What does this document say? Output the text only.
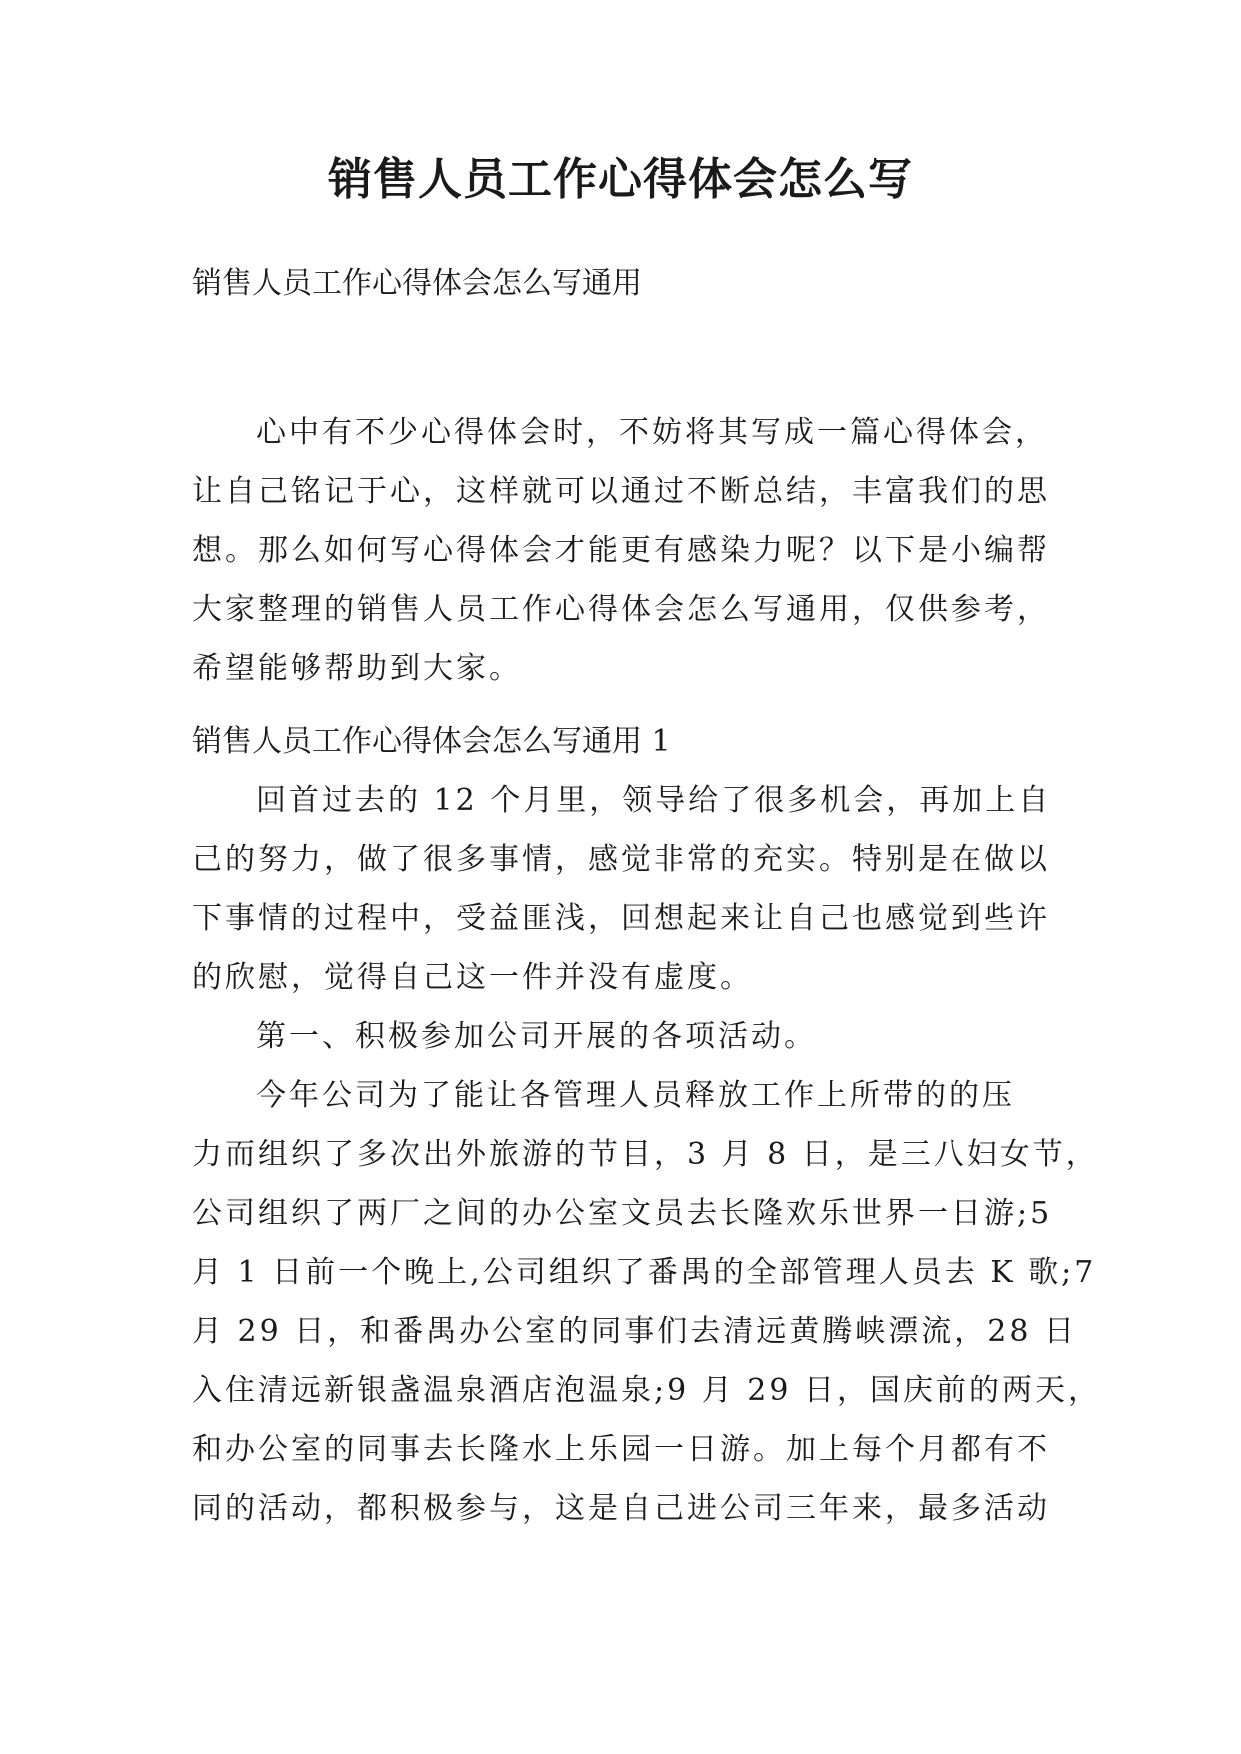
销售人员工作心得体会怎么写

销售人员工作心得体会怎么写通用

心中有不少心得体会时，不妨将其写成一篇心得体会，
让自己铭记于心，这样就可以通过不断总结，丰富我们的思
想。那么如何写心得体会才能更有感染力呢？以下是小编帮
大家整理的销售人员工作心得体会怎么写通用，仅供参考，
希望能够帮助到大家。

销售人员工作心得体会怎么写通用 1

回首过去的 12 个月里，领导给了很多机会，再加上自
己的努力，做了很多事情，感觉非常的充实。特别是在做以
下事情的过程中，受益匪浅，回想起来让自己也感觉到些许
的欣慰，觉得自己这一件并没有虚度。
第一、积极参加公司开展的各项活动。
今年公司为了能让各管理人员释放工作上所带的的压
力而组织了多次出外旅游的节目，3 月 8 日，是三八妇女节，
公司组织了两厂之间的办公室文员去长隆欢乐世界一日游;5
月 1 日前一个晚上,公司组织了番禺的全部管理人员去 K 歌;7
月 29 日，和番禺办公室的同事们去清远黄腾峡漂流，28 日
入住清远新银盏温泉酒店泡温泉;9 月 29 日，国庆前的两天，
和办公室的同事去长隆水上乐园一日游。加上每个月都有不
同的活动，都积极参与，这是自己进公司三年来，最多活动
